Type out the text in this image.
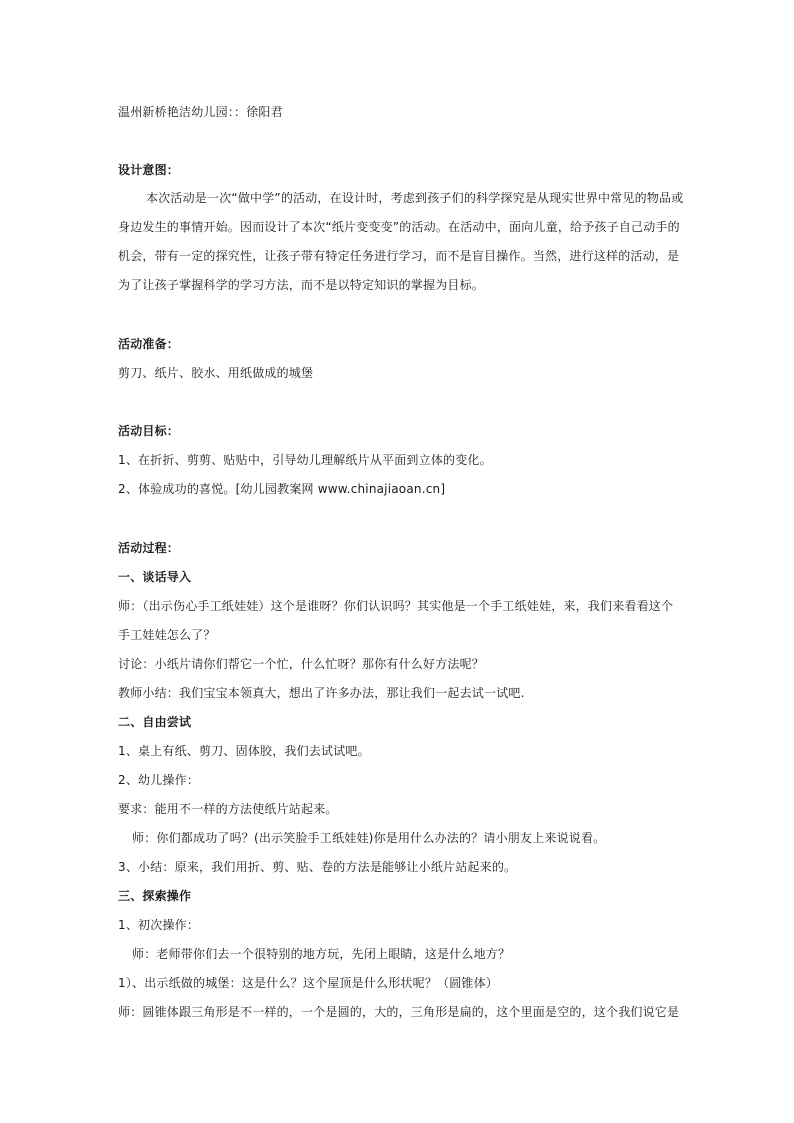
温州新桥艳洁幼儿园：：徐阳君
设计意图：
本次活动是一次“做中学”的活动，在设计时，考虑到孩子们的科学探究是从现实世界中常见的物品或
身边发生的事情开始。因而设计了本次“纸片变变变”的活动。在活动中，面向儿童，给予孩子自己动手的
机会，带有一定的探究性，让孩子带有特定任务进行学习，而不是盲目操作。当然，进行这样的活动，是
为了让孩子掌握科学的学习方法，而不是以特定知识的掌握为目标。
活动准备：
剪刀、纸片、胶水、用纸做成的城堡
活动目标：
1、在折折、剪剪、贴贴中，引导幼儿理解纸片从平面到立体的变化。
2、体验成功的喜悦。[幼儿园教案网 www.chinajiaoan.cn]
活动过程：
一、谈话导入
师：（出示伤心手工纸娃娃）这个是谁呀？你们认识吗？其实他是一个手工纸娃娃，来，我们来看看这个
手工娃娃怎么了？
讨论：小纸片请你们帮它一个忙，什么忙呀？那你有什么好方法呢？
教师小结：我们宝宝本领真大，想出了许多办法，那让我们一起去试一试吧.
二、自由尝试
1、桌上有纸、剪刀、固体胶，我们去试试吧。
2、幼儿操作：
要求：能用不一样的方法使纸片站起来。
师：你们都成功了吗？(出示笑脸手工纸娃娃)你是用什么办法的？请小朋友上来说说看。
3、小结：原来，我们用折、剪、贴、卷的方法是能够让小纸片站起来的。
三、探索操作
1、初次操作：
师：老师带你们去一个很特别的地方玩，先闭上眼睛，这是什么地方？
1）、出示纸做的城堡：这是什么？这个屋顶是什么形状呢？（圆锥体）
师：圆锥体跟三角形是不一样的，一个是圆的，大的，三角形是扁的，这个里面是空的，这个我们说它是
